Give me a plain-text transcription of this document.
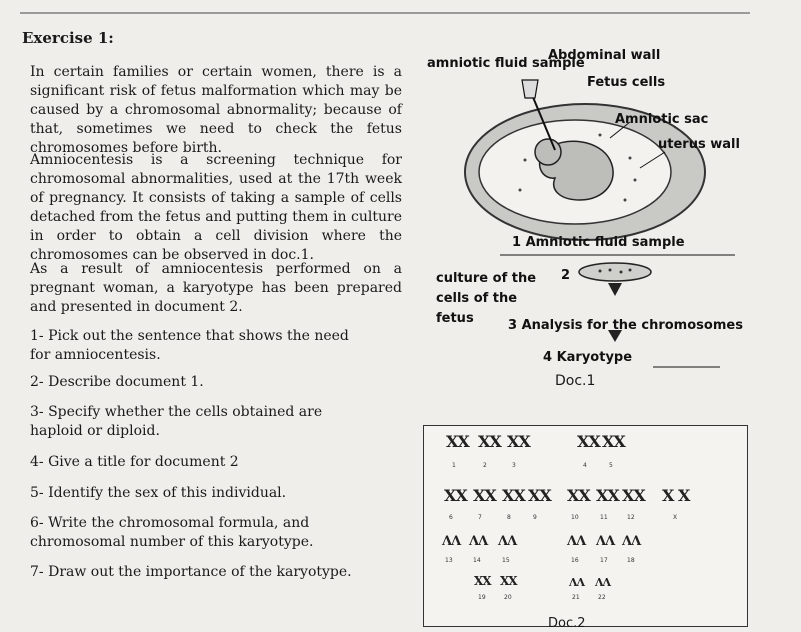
Exercise 1:
In certain families or certain women, there is a significant risk of fetus malformation which may be caused by a chromosomal abnormality; because of that, sometimes we need to check the fetus chromosomes before birth.
Amniocentesis is a screening technique for chromosomal abnormalities, used at the 17th week of pregnancy. It consists of taking a sample of cells detached from the fetus and putting them in culture in order to obtain a cell division where the chromosomes can be observed in doc.1.
As a result of amniocentesis performed on a pregnant woman, a karyotype has been prepared and presented in document 2.
1- Pick out the sentence that shows the need for amniocentesis.
2- Describe document 1.
3- Specify whether the cells obtained are haploid or diploid.
4- Give a title for document 2
5- Identify the sex of this individual.
6- Write the chromosomal formula, and chromosomal number of this karyotype.
7- Draw out the importance of the karyotype.
amniotic fluid sample
Abdominal wall
Fetus cells
Amniotic sac
uterus wall
1 Amniotic fluid sample
culture of the cells of the fetus
2
3 Analysis for the chromosomes
4 Karyotype
Doc.1
ХХ ХХ ХХ	ХХ ХХ
1	2	3	4	5
ХХ ХХ ХХ ХХ ХХ ХХ ХХ Х Х
6	7	8	9	10	11	12	X
ΛΛ ΛΛ ΛΛ	ΛΛ ΛΛ ΛΛ
13	14	15	16	17	18
ХХ ХХ	ΛΛ ΛΛ
19	20	21	22
Doc.2
